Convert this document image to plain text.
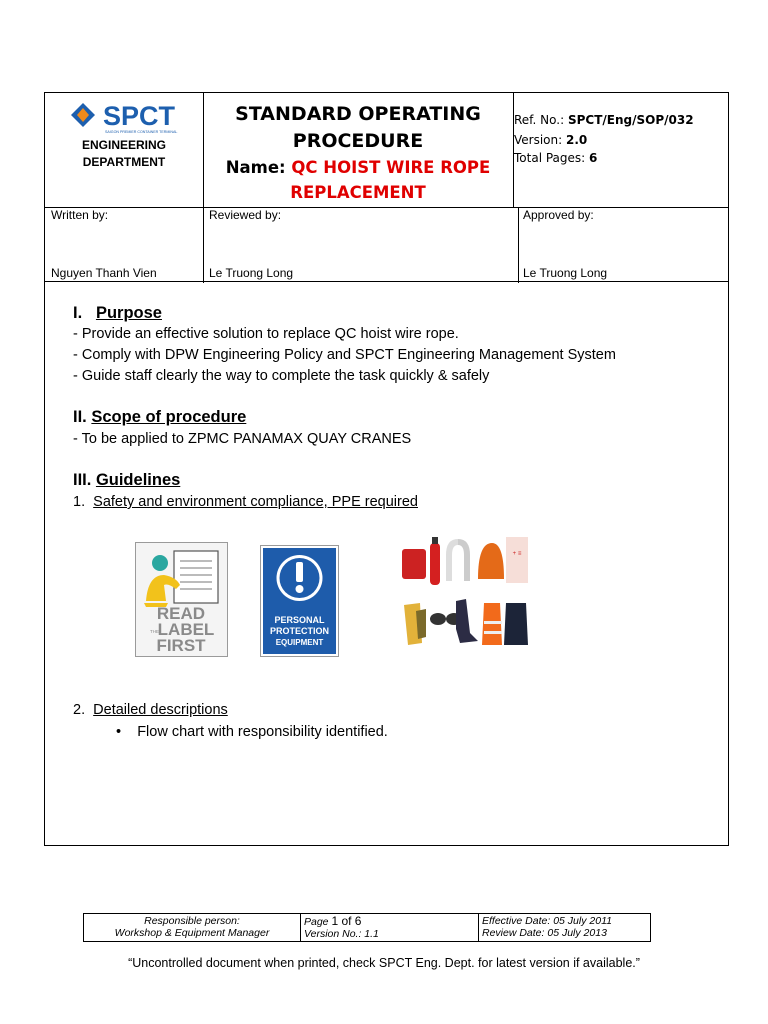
SPCT
SAIGON PREMIER CONTAINER TERMINAL
ENGINEERING
DEPARTMENT
STANDARD OPERATING
PROCEDURE
Name: QC HOIST WIRE ROPE
REPLACEMENT
Ref. No.: SPCT/Eng/SOP/032
Version: 2.0
Total Pages: 6
Written by:
Nguyen Thanh Vien
Reviewed by:
Le Truong Long
Approved by:
Le Truong Long
I. Purpose
- Provide an effective solution to replace QC hoist wire rope.
- Comply with DPW Engineering Policy and SPCT Engineering Management System
- Guide staff clearly the way to complete the task quickly & safely
II. Scope of procedure
- To be applied to ZPMC PANAMAX QUAY CRANES
III. Guidelines
1. Safety and environment compliance, PPE required
READ
THE
LABEL
FIRST
PERSONAL
PROTECTION
EQUIPMENT
+ ≡
2. Detailed descriptions
• Flow chart with responsibility identified.
Responsible person:
Workshop & Equipment Manager
Page 1 of 6
Version No.: 1.1
Effective Date: 05 July 2011
Review Date: 05 July 2013
“Uncontrolled document when printed, check SPCT Eng. Dept. for latest version if available.”
